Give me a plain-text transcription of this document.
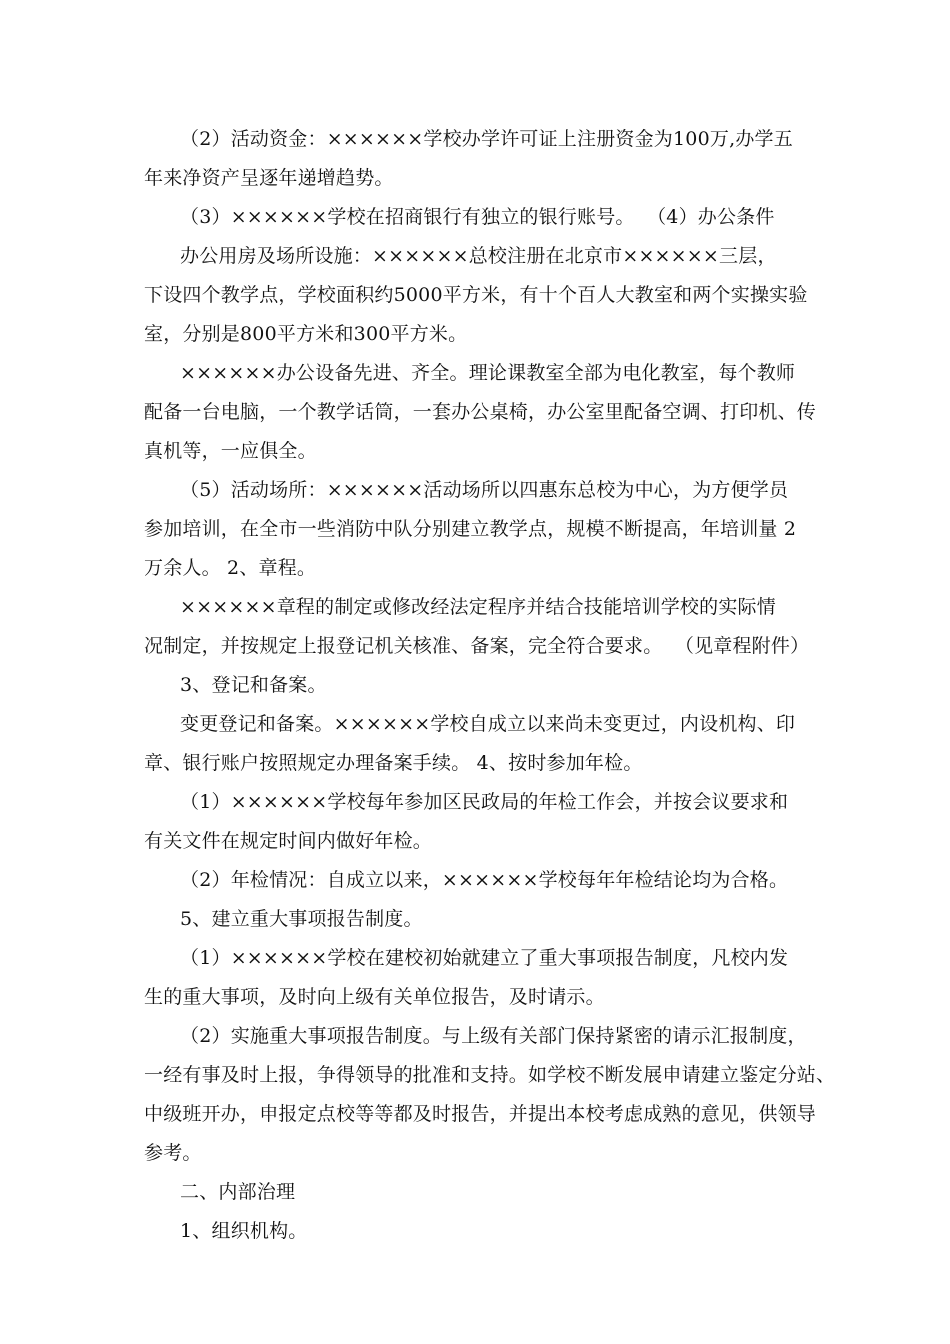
（2）活动资金：××××××学校办学许可证上注册资金为100万,办学五
年来净资产呈逐年递增趋势。
（3）××××××学校在招商银行有独立的银行账号。  （4）办公条件
办公用房及场所设施：××××××总校注册在北京市××××××三层，
下设四个教学点，学校面积约5000平方米，有十个百人大教室和两个实操实验
室，分别是800平方米和300平方米。
××××××办公设备先进、齐全。理论课教室全部为电化教室，每个教师
配备一台电脑，一个教学话筒，一套办公桌椅，办公室里配备空调、打印机、传
真机等，一应俱全。
（5）活动场所：××××××活动场所以四惠东总校为中心，为方便学员
参加培训，在全市一些消防中队分别建立教学点，规模不断提高，年培训量 2
万余人。 2、章程。
××××××章程的制定或修改经法定程序并结合技能培训学校的实际情
况制定，并按规定上报登记机关核准、备案，完全符合要求。  （见章程附件）
3、登记和备案。
变更登记和备案。××××××学校自成立以来尚未变更过，内设机构、印
章、银行账户按照规定办理备案手续。 4、按时参加年检。
（1）××××××学校每年参加区民政局的年检工作会，并按会议要求和
有关文件在规定时间内做好年检。
（2）年检情况：自成立以来，××××××学校每年年检结论均为合格。
5、建立重大事项报告制度。
（1）××××××学校在建校初始就建立了重大事项报告制度，凡校内发
生的重大事项，及时向上级有关单位报告，及时请示。
（2）实施重大事项报告制度。与上级有关部门保持紧密的请示汇报制度，
一经有事及时上报，争得领导的批准和支持。如学校不断发展申请建立鉴定分站、
中级班开办，申报定点校等等都及时报告，并提出本校考虑成熟的意见，供领导
参考。
二、内部治理
1、组织机构。
